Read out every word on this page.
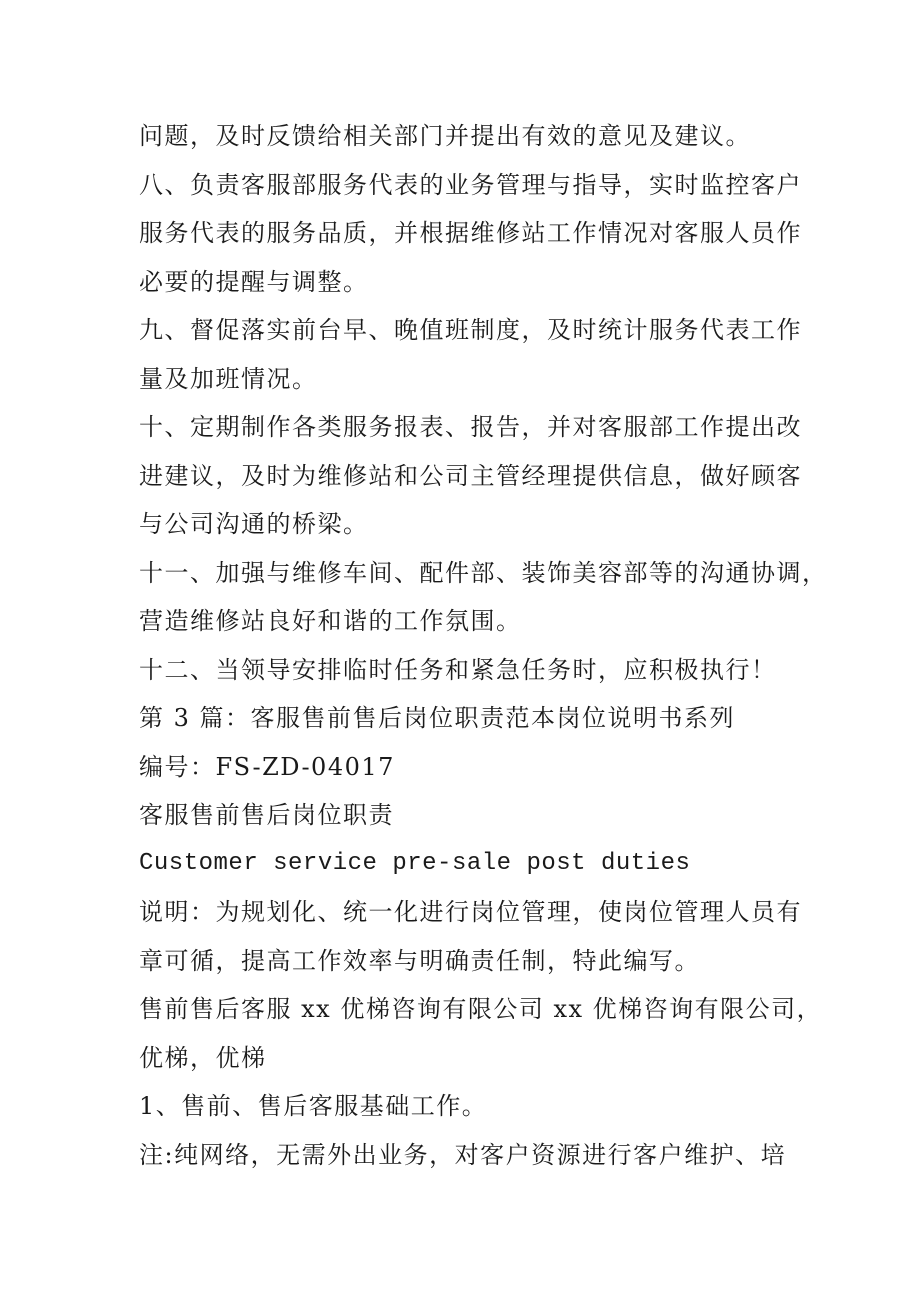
问题，及时反馈给相关部门并提出有效的意见及建议。
八、负责客服部服务代表的业务管理与指导，实时监控客户
服务代表的服务品质，并根据维修站工作情况对客服人员作
必要的提醒与调整。
九、督促落实前台早、晚值班制度，及时统计服务代表工作
量及加班情况。
十、定期制作各类服务报表、报告，并对客服部工作提出改
进建议，及时为维修站和公司主管经理提供信息，做好顾客
与公司沟通的桥梁。
十一、加强与维修车间、配件部、装饰美容部等的沟通协调，
营造维修站良好和谐的工作氛围。
十二、当领导安排临时任务和紧急任务时，应积极执行！
第 3 篇：客服售前售后岗位职责范本岗位说明书系列
编号：FS-ZD-04017
客服售前售后岗位职责
Customer service pre-sale post duties
说明：为规划化、统一化进行岗位管理，使岗位管理人员有
章可循，提高工作效率与明确责任制，特此编写。
售前售后客服 xx 优梯咨询有限公司 xx 优梯咨询有限公司，
优梯，优梯
1、售前、售后客服基础工作。
注:纯网络，无需外出业务，对客户资源进行客户维护、培
